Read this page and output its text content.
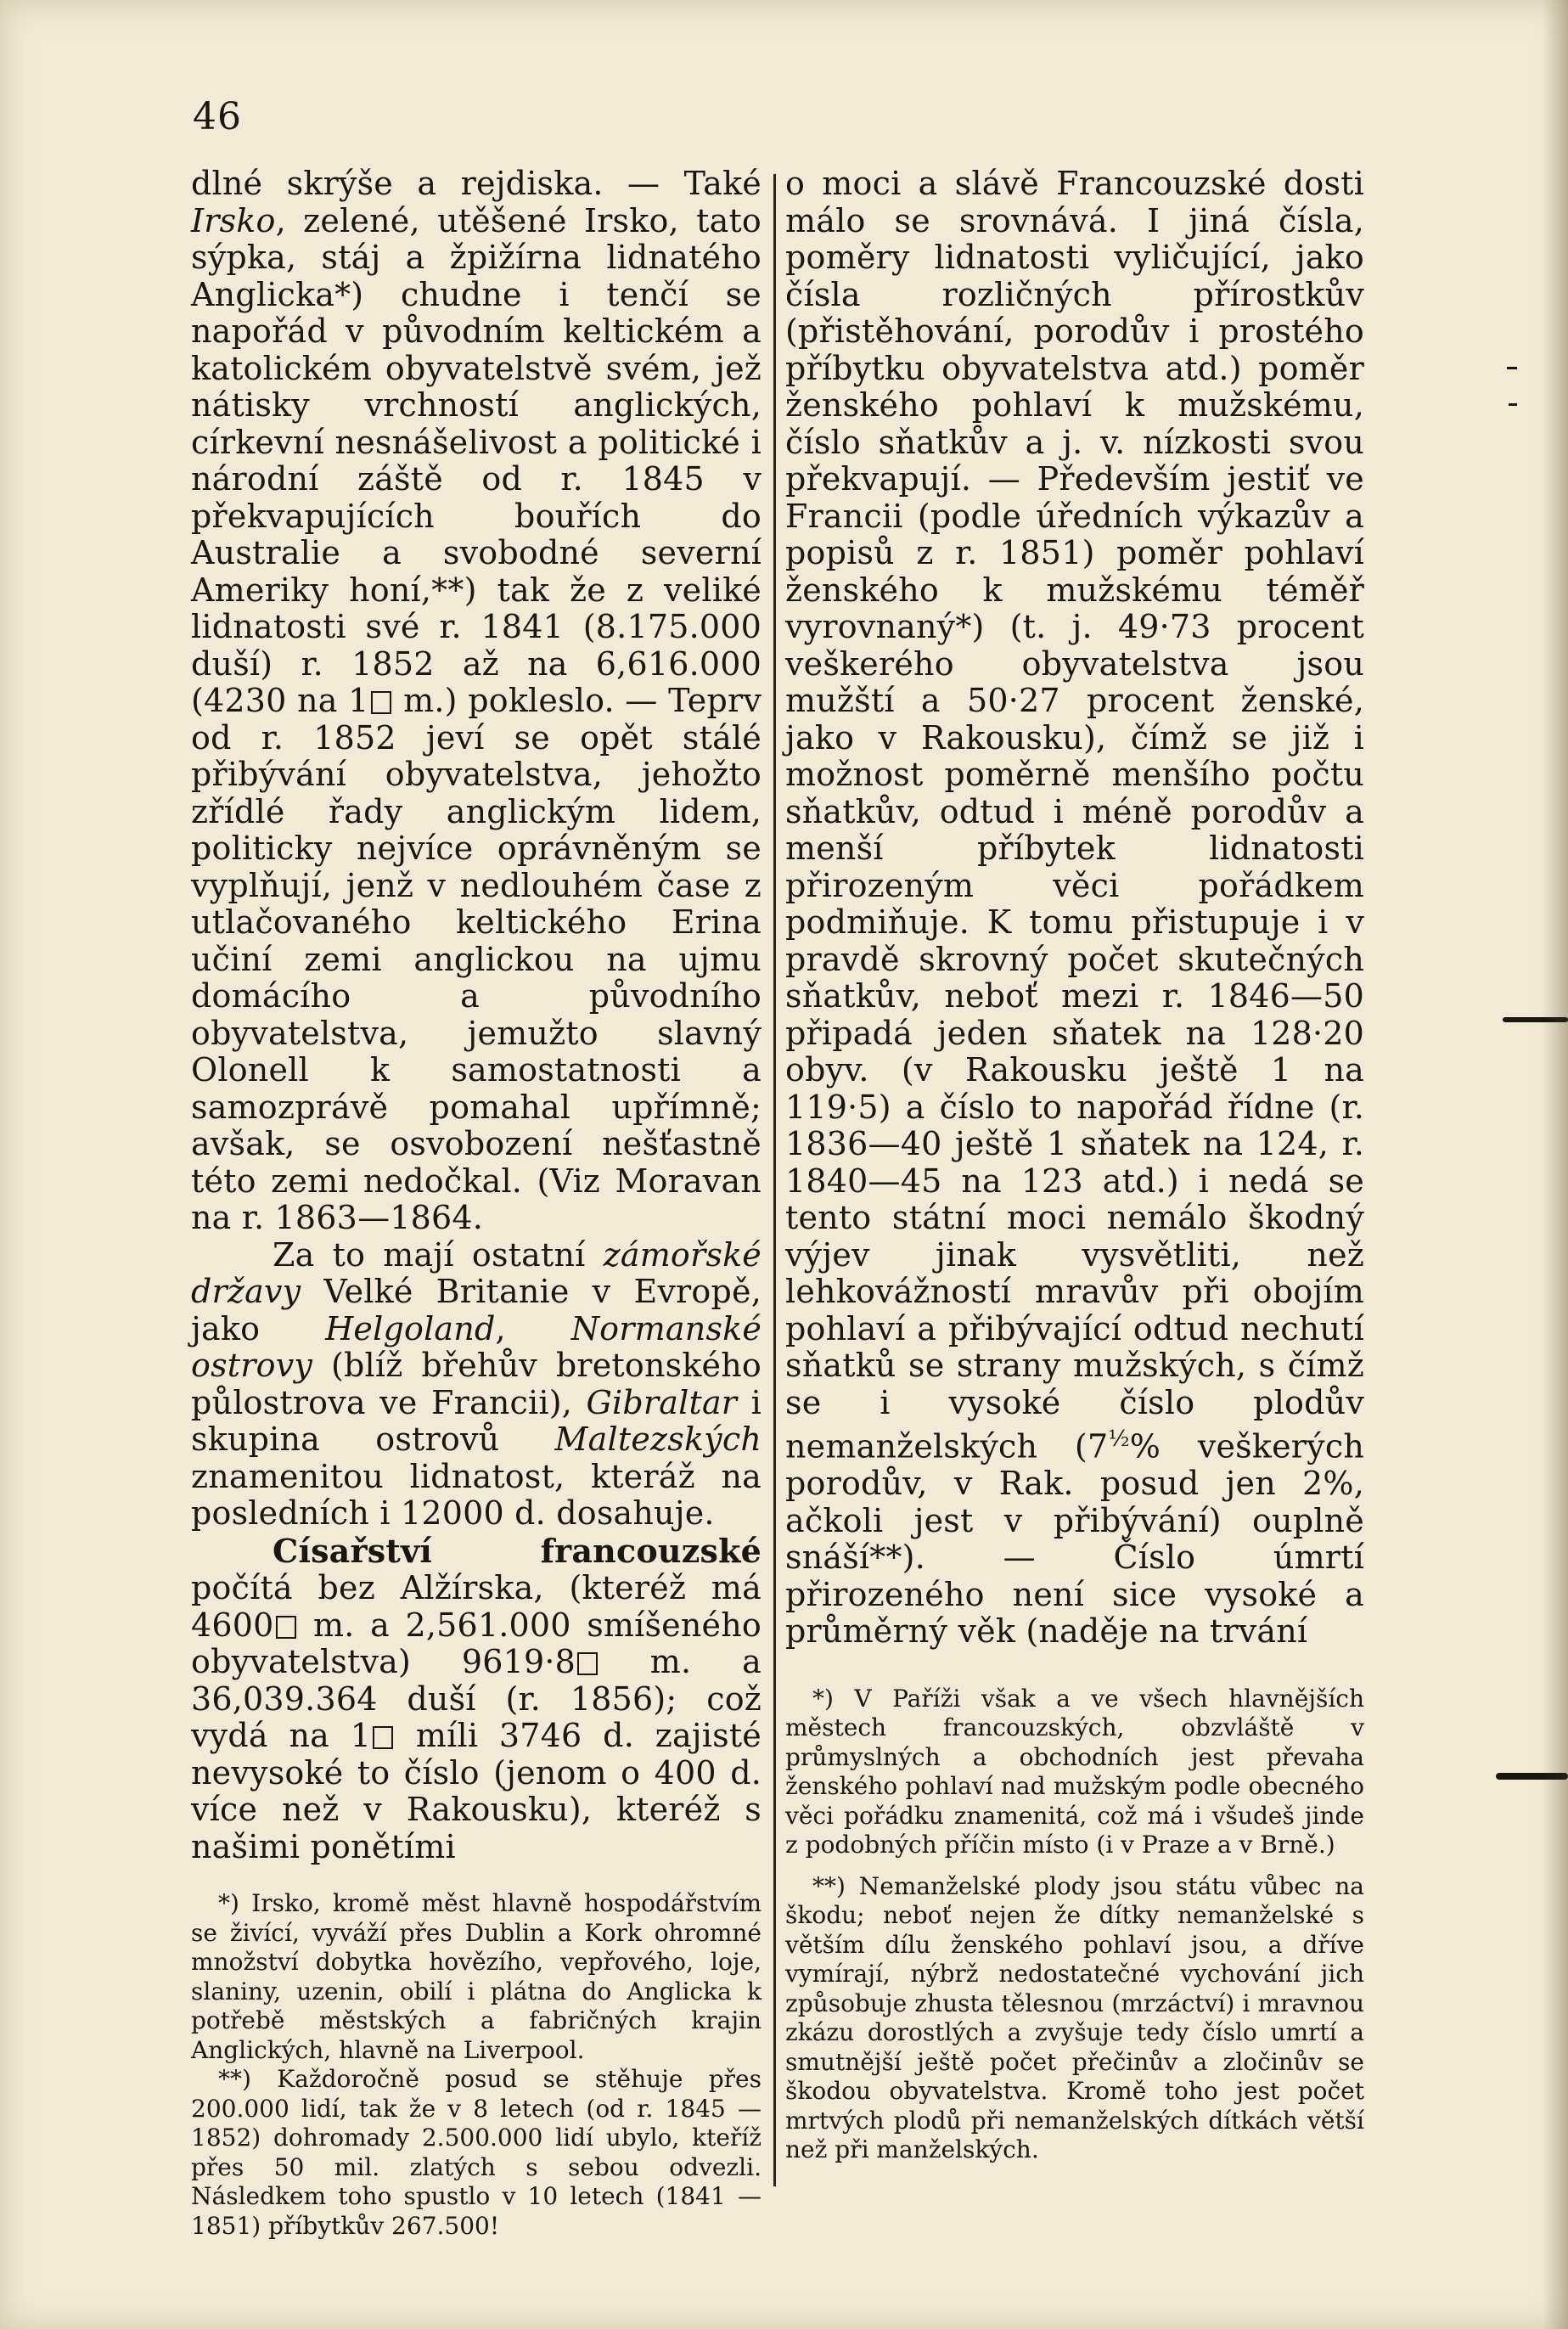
46

dlné skrýše a rejdiska. — Také Irsko, zelené, utěšené Irsko, tato sýpka, stáj a žpižírna lidnatého Anglicka*) chudne i tenčí se napořád v původním keltickém a katolickém obyvatelstvě svém, jež nátisky vrchností anglických, církevní nesnášelivost a politické i národní záště od r. 1845 v překvapujících bouřích do Australie a svobodné severní Ameriky honí,**) tak že z veliké lidnatosti své r. 1841 (8.175.000 duší) r. 1852 až na 6,616.000 (4230 na 1 m.) pokleslo. — Teprv od r. 1852 jeví se opět stálé přibývání obyvatelstva, jehožto zřídlé řady anglickým lidem, politicky nejvíce oprávněným se vyplňují, jenž v nedlouhém čase z utlačovaného keltického Erina učiní zemi anglickou na ujmu domácího a původního obyvatelstva, jemužto slavný Olonell k samostatnosti a samozprávě pomahal upřímně; avšak, se osvobození nešťastně této zemi nedočkal. (Viz Moravan na r. 1863—1864.

Za to mají ostatní zámořské državy Velké Britanie v Evropě, jako Helgoland, Normanské ostrovy (blíž břehův bretonského půlostrova ve Francii), Gibraltar i skupina ostrovů Maltezských znamenitou lidnatost, kteráž na posledních i 12000 d. dosahuje.

Císařství francouzské počítá bez Alžírska, (kteréž má 4600 m. a 2,561.000 smíšeného obyvatelstva) 9619·8 m. a 36,039.364 duší (r. 1856); což vydá na 1 míli 3746 d. zajisté nevysoké to číslo (jenom o 400 d. více než v Rakousku), kteréž s našimi ponětími

*) Irsko, kromě měst hlavně hospodářstvím se živící, vyváží přes Dublin a Kork ohromné množství dobytka hovězího, vepřového, loje, slaniny, uzenin, obilí i plátna do Anglicka k potřebě městských a fabričných krajin Anglických, hlavně na Liverpool.

**) Každoročně posud se stěhuje přes 200.000 lidí, tak že v 8 letech (od r. 1845 —1852) dohromady 2.500.000 lidí ubylo, kteříž přes 50 mil. zlatých s sebou odvezli. Následkem toho spustlo v 10 letech (1841 —1851) příbytkův 267.500!

o moci a slávě Francouzské dosti málo se srovnává. I jiná čísla, poměry lidnatosti vyličující, jako čísla rozličných přírostkův (přistěhování, porodův i prostého příbytku obyvatelstva atd.) poměr ženského pohlaví k mužskému, číslo sňatkův a j. v. nízkosti svou překvapují. — Především jestiť ve Francii (podle úředních výkazův a popisů z r. 1851) poměr pohlaví ženského k mužskému téměř vyrovnaný*) (t. j. 49·73 procent veškerého obyvatelstva jsou mužští a 50·27 procent ženské, jako v Rakousku), čímž se již i možnost poměrně menšího počtu sňatkův, odtud i méně porodův a menší příbytek lidnatosti přirozeným věci pořádkem podmiňuje. K tomu přistupuje i v pravdě skrovný počet skutečných sňatkův, neboť mezi r. 1846—50 připadá jeden sňatek na 128·20 obyv. (v Rakousku ještě 1 na 119·5) a číslo to napořád řídne (r. 1836—40 ještě 1 sňatek na 124, r. 1840—45 na 123 atd.) i nedá se tento státní moci nemálo škodný výjev jinak vysvětliti, než lehkovážností mravův při obojím pohlaví a přibývající odtud nechutí sňatků se strany mužských, s čímž se i vysoké číslo plodův nemanželských ($7^{\frac{1}{2}}\%$ veškerých porodův, v Rak. posud jen 2%, ačkoli jest v přibývání) ouplně snáší**). — Číslo úmrtí přirozeného není sice vysoké a průměrný věk (naděje na trvání

*) V Paříži však a ve všech hlavnějších městech francouzských, obzvláště v průmyslných a obchodních jest převaha ženského pohlaví nad mužským podle obecného věci pořádku znamenitá, což má i všudeš jinde z podobných příčin místo (i v Praze a v Brně.)

**) Nemanželské plody jsou státu vůbec na škodu; neboť nejen že dítky nemanželské s větším dílu ženského pohlaví jsou, a dříve vymírají, nýbrž nedostatečné vychování jich způsobuje zhusta tělesnou (mrzáctví) i mravnou zkázu dorostlých a zvyšuje tedy číslo umrtí a smutnější ještě počet přečinův a zločinův se škodou obyvatelstva. Kromě toho jest počet mrtvých plodů při nemanželských dítkách větší než při manželských.
